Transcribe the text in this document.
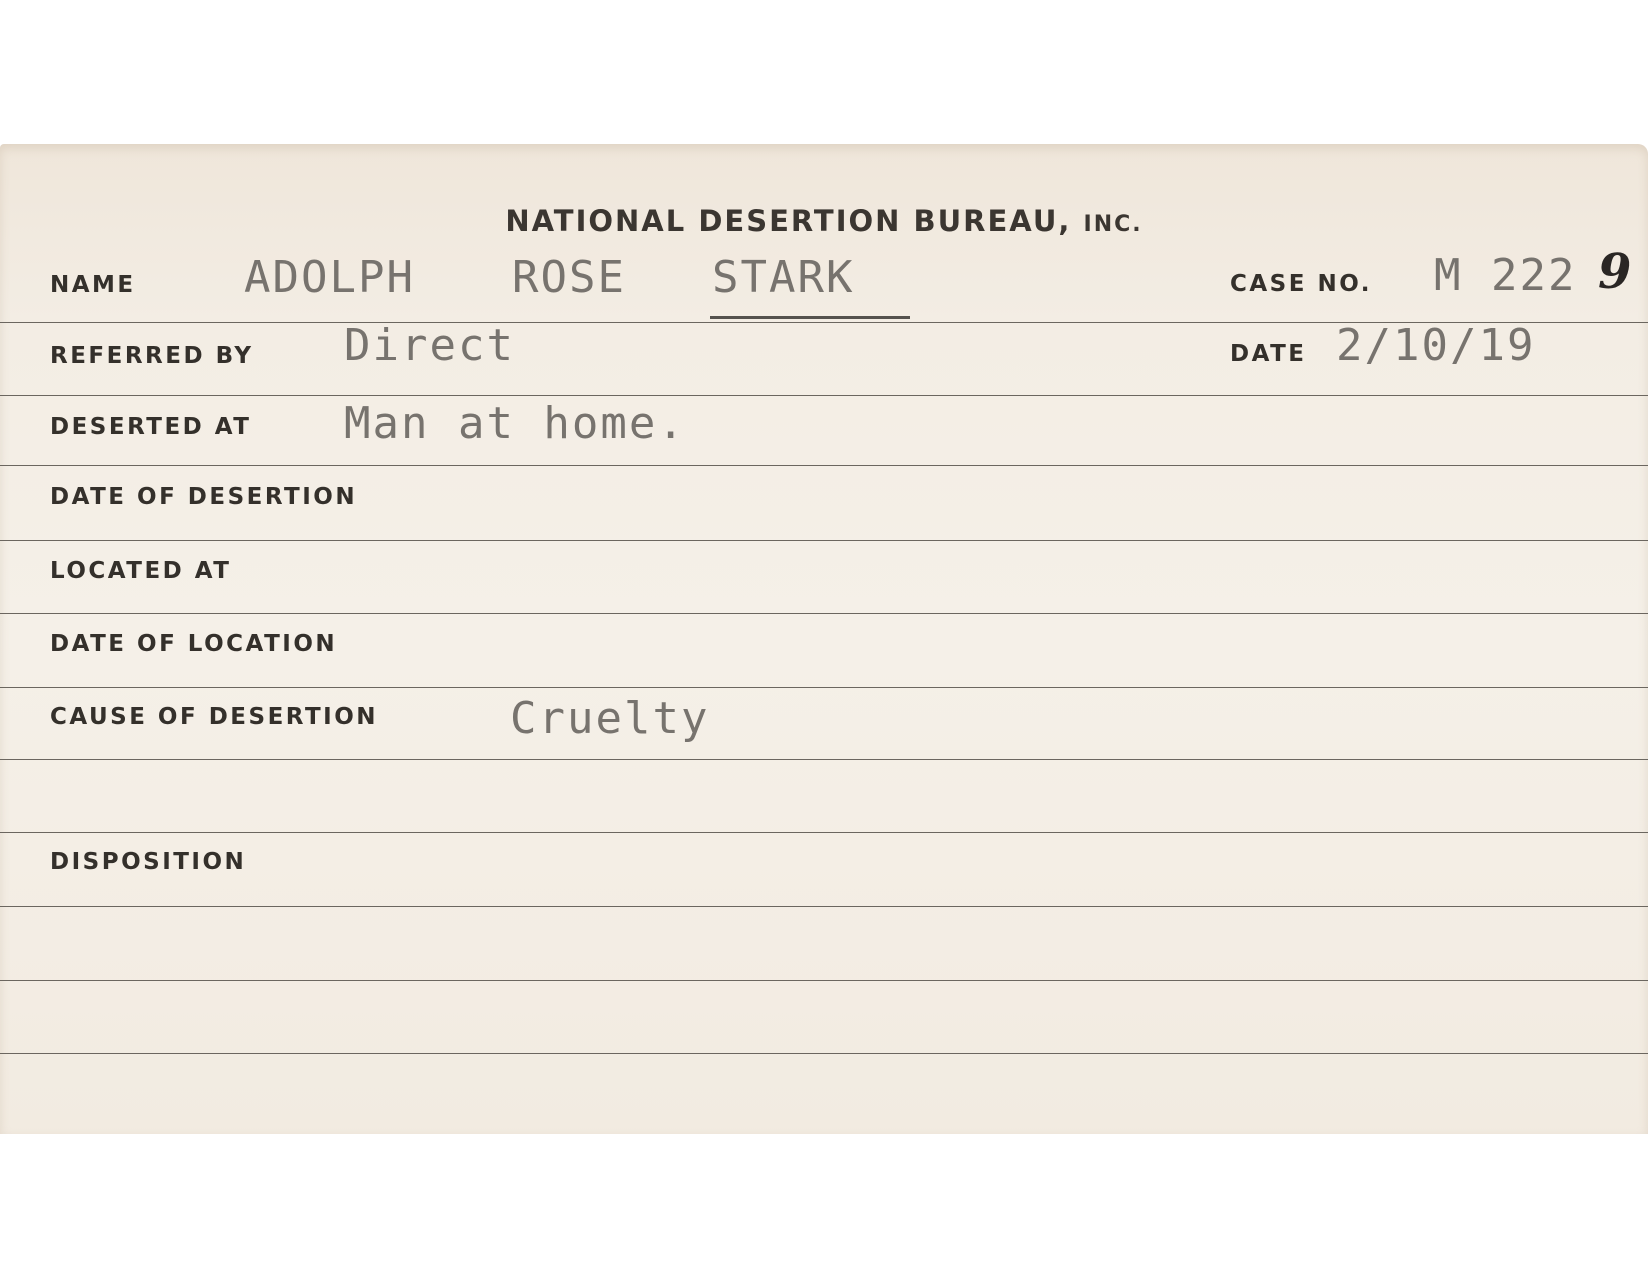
NATIONAL DESERTION BUREAU, INC.
NAME ADOLPH ROSE STARK	CASE NO. M 222 9
REFERRED BY Direct	DATE 2/10/19
DESERTED AT Man at home.
DATE OF DESERTION
LOCATED AT
DATE OF LOCATION
CAUSE OF DESERTION	Cruelty
DISPOSITION
